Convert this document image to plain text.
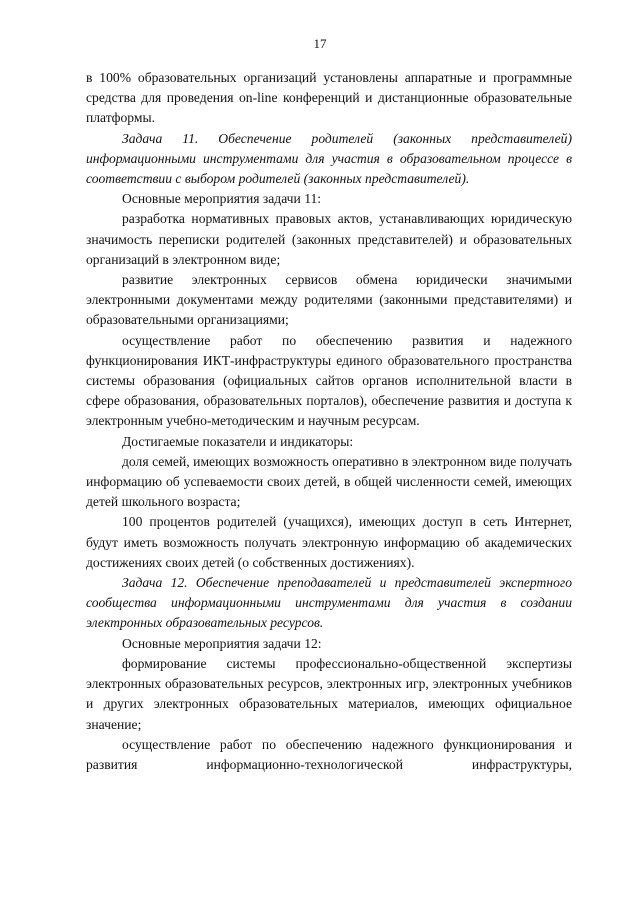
17

в 100% образовательных организаций установлены аппаратные и программные средства для проведения on-line конференций и дистанционные образовательные платформы.

Задача 11. Обеспечение родителей (законных представителей) информационными инструментами для участия в образовательном процессе в соответствии с выбором родителей (законных представителей).

Основные мероприятия задачи 11:

разработка нормативных правовых актов, устанавливающих юридическую значимость переписки родителей (законных представителей) и образовательных организаций в электронном виде;

развитие электронных сервисов обмена юридически значимыми электронными документами между родителями (законными представителями) и образовательными организациями;

осуществление работ по обеспечению развития и надежного функционирования ИКТ-инфраструктуры единого образовательного пространства системы образования (официальных сайтов органов исполнительной власти в сфере образования, образовательных порталов), обеспечение развития и доступа к электронным учебно-методическим и научным ресурсам.

Достигаемые показатели и индикаторы:

доля семей, имеющих возможность оперативно в электронном виде получать информацию об успеваемости своих детей, в общей численности семей, имеющих детей школьного возраста;

100 процентов родителей (учащихся), имеющих доступ в сеть Интернет, будут иметь возможность получать электронную информацию об академических достижениях своих детей (о собственных достижениях).

Задача 12. Обеспечение преподавателей и представителей экспертного сообщества информационными инструментами для участия в создании электронных образовательных ресурсов.

Основные мероприятия задачи 12:

формирование системы профессионально-общественной экспертизы электронных образовательных ресурсов, электронных игр, электронных учебников и других электронных образовательных материалов, имеющих официальное значение;

осуществление работ по обеспечению надежного функционирования и развития информационно-технологической инфраструктуры,
